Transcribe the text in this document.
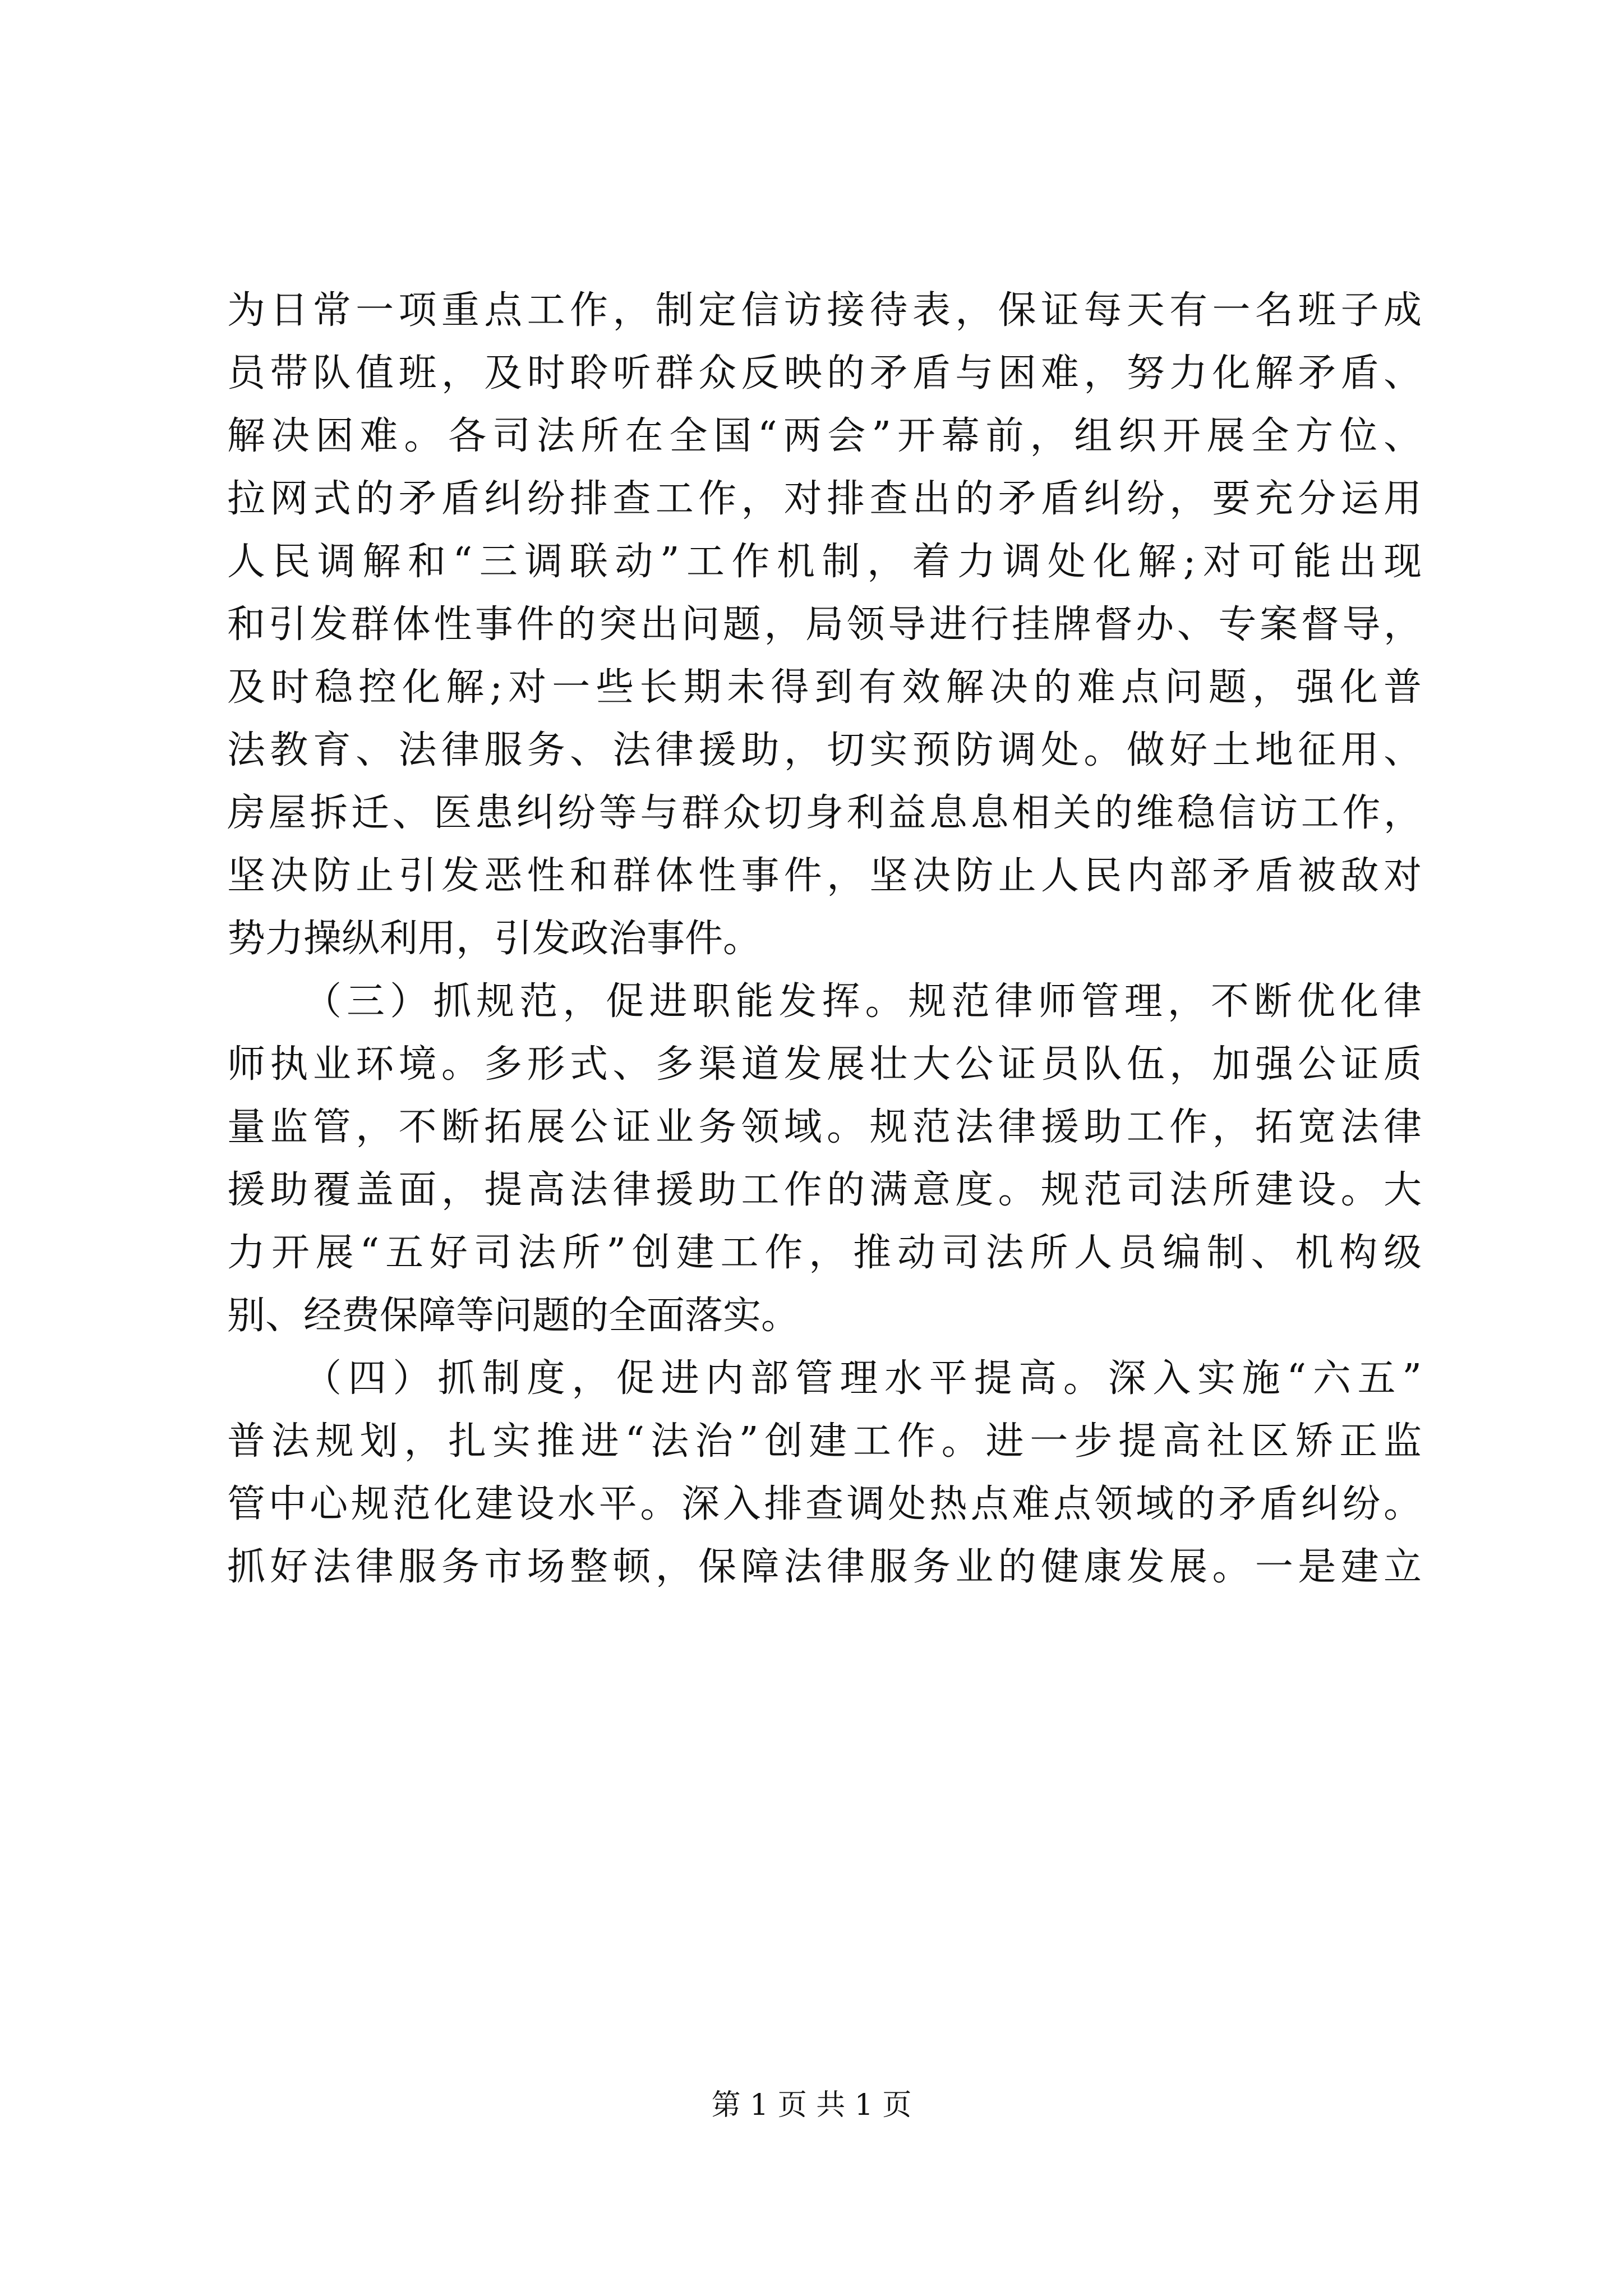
为日常一项重点工作，制定信访接待表，保证每天有一名班子成
员带队值班，及时聆听群众反映的矛盾与困难，努力化解矛盾、
解决困难。各司法所在全国“两会”开幕前，组织开展全方位、
拉网式的矛盾纠纷排查工作，对排查出的矛盾纠纷，要充分运用
人民调解和“三调联动”工作机制，着力调处化解;对可能出现
和引发群体性事件的突出问题，局领导进行挂牌督办、专案督导，
及时稳控化解;对一些长期未得到有效解决的难点问题，强化普
法教育、法律服务、法律援助，切实预防调处。做好土地征用、
房屋拆迁、医患纠纷等与群众切身利益息息相关的维稳信访工作，
坚决防止引发恶性和群体性事件，坚决防止人民内部矛盾被敌对
势力操纵利用，引发政治事件。
（三）抓规范，促进职能发挥。规范律师管理，不断优化律
师执业环境。多形式、多渠道发展壮大公证员队伍，加强公证质
量监管，不断拓展公证业务领域。规范法律援助工作，拓宽法律
援助覆盖面，提高法律援助工作的满意度。规范司法所建设。大
力开展“五好司法所”创建工作，推动司法所人员编制、机构级
别、经费保障等问题的全面落实。
（四）抓制度，促进内部管理水平提高。深入实施“六五”
普法规划，扎实推进“法治”创建工作。进一步提高社区矫正监
管中心规范化建设水平。深入排查调处热点难点领域的矛盾纠纷。
抓好法律服务市场整顿，保障法律服务业的健康发展。一是建立
第 1 页 共 1 页
